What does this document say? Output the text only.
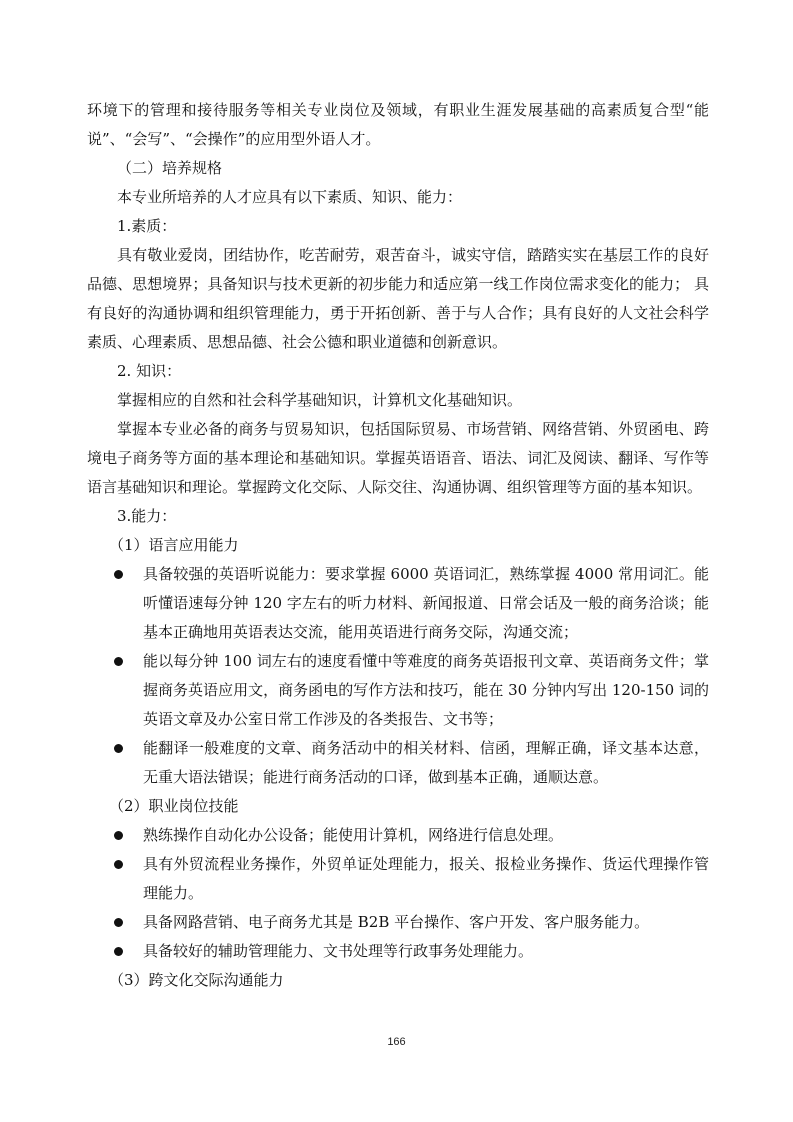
环境下的管理和接待服务等相关专业岗位及领域，有职业生涯发展基础的高素质复合型“能说”、“会写”、“会操作”的应用型外语人才。

（二）培养规格

本专业所培养的人才应具有以下素质、知识、能力：

1.素质：

具有敬业爱岗，团结协作，吃苦耐劳，艰苦奋斗，诚实守信，踏踏实实在基层工作的良好品德、思想境界；具备知识与技术更新的初步能力和适应第一线工作岗位需求变化的能力； 具有良好的沟通协调和组织管理能力，勇于开拓创新、善于与人合作；具有良好的人文社会科学素质、心理素质、思想品德、社会公德和职业道德和创新意识。

2. 知识：

掌握相应的自然和社会科学基础知识，计算机文化基础知识。

掌握本专业必备的商务与贸易知识，包括国际贸易、市场营销、网络营销、外贸函电、跨境电子商务等方面的基本理论和基础知识。掌握英语语音、语法、词汇及阅读、翻译、写作等语言基础知识和理论。掌握跨文化交际、人际交往、沟通协调、组织管理等方面的基本知识。

3.能力：

（1）语言应用能力

具备较强的英语听说能力：要求掌握 6000 英语词汇，熟练掌握 4000 常用词汇。能听懂语速每分钟 120 字左右的听力材料、新闻报道、日常会话及一般的商务洽谈；能基本正确地用英语表达交流，能用英语进行商务交际，沟通交流；

能以每分钟 100 词左右的速度看懂中等难度的商务英语报刊文章、英语商务文件；掌握商务英语应用文，商务函电的写作方法和技巧，能在 30 分钟内写出 120-150 词的英语文章及办公室日常工作涉及的各类报告、文书等；

能翻译一般难度的文章、商务活动中的相关材料、信函，理解正确，译文基本达意，无重大语法错误；能进行商务活动的口译，做到基本正确，通顺达意。

（2）职业岗位技能

熟练操作自动化办公设备；能使用计算机，网络进行信息处理。

具有外贸流程业务操作，外贸单证处理能力，报关、报检业务操作、货运代理操作管理能力。

具备网路营销、电子商务尤其是 B2B 平台操作、客户开发、客户服务能力。

具备较好的辅助管理能力、文书处理等行政事务处理能力。

（3）跨文化交际沟通能力

166
